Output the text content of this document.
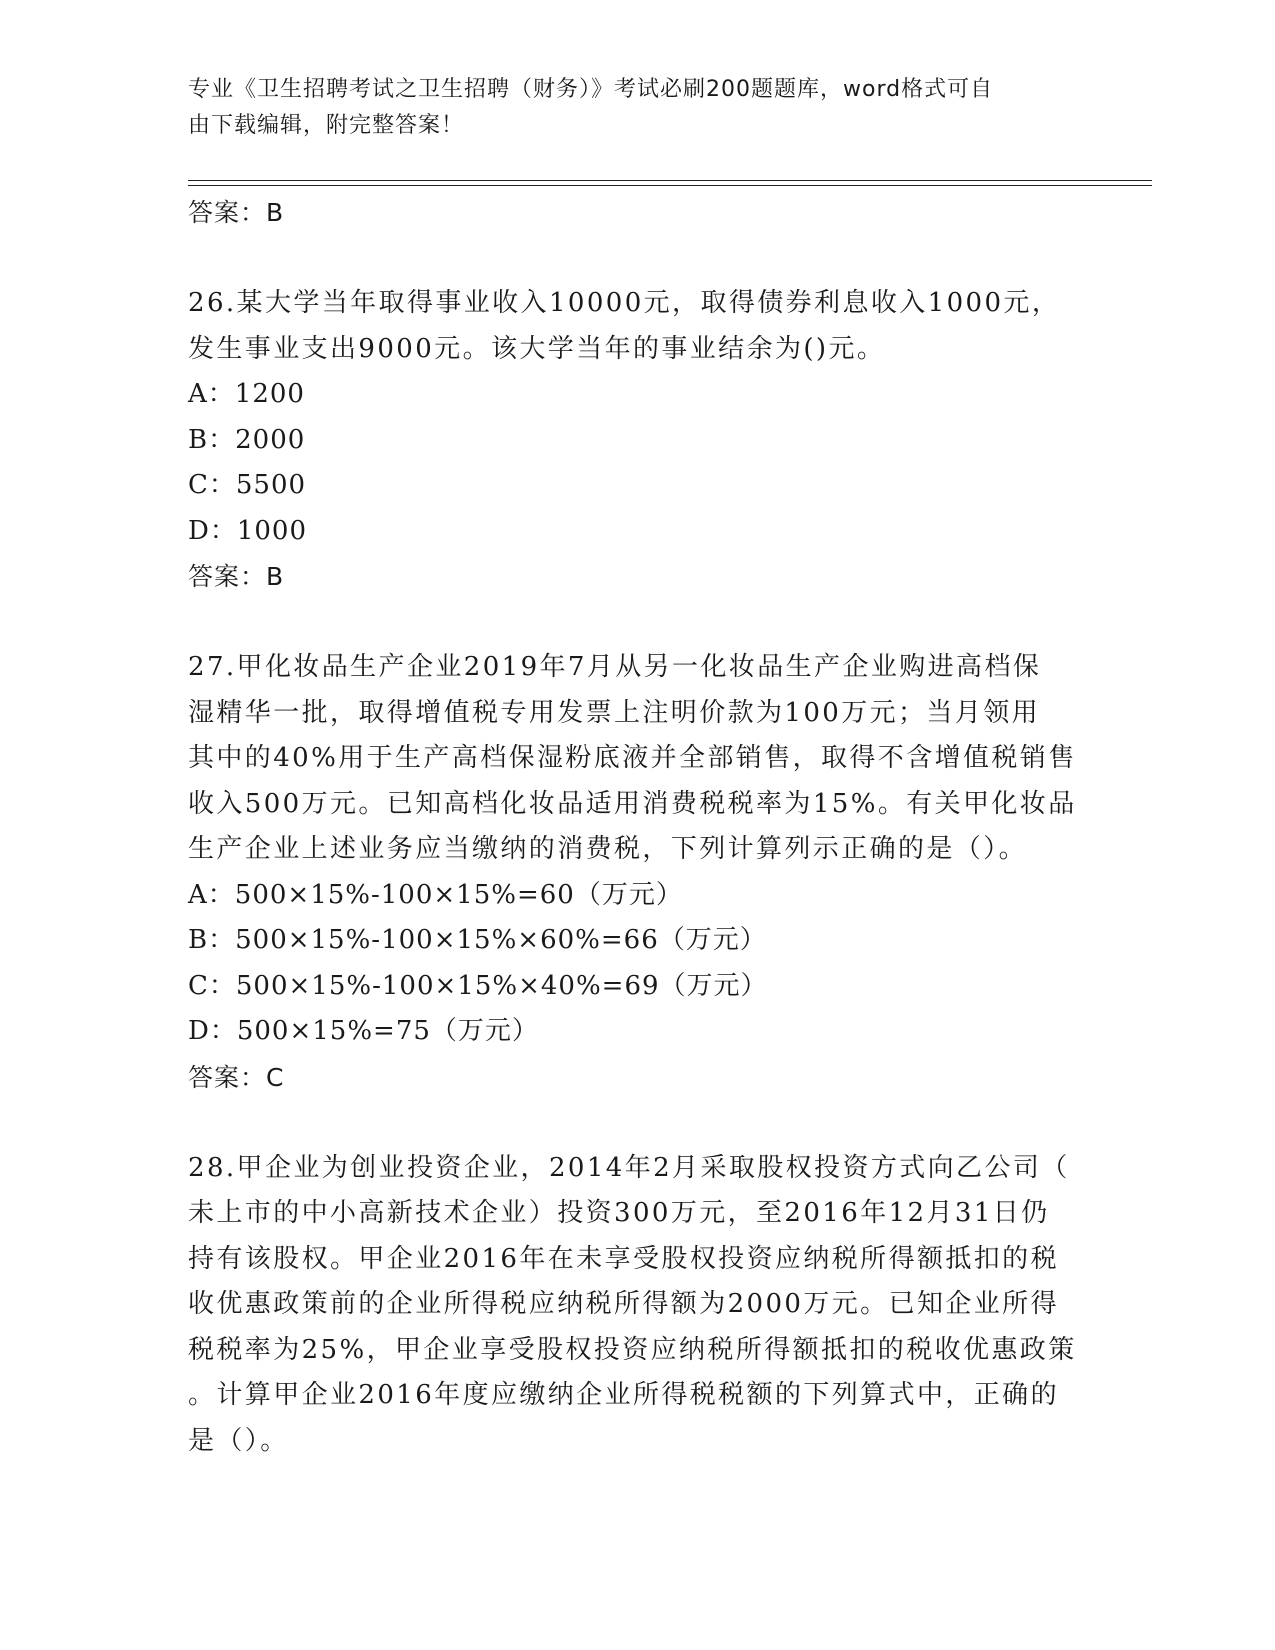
专业《卫生招聘考试之卫生招聘（财务）》考试必刷200题题库，word格式可自
由下载编辑，附完整答案！
答案：B
26.某大学当年取得事业收入10000元，取得债券利息收入1000元，
发生事业支出9000元。该大学当年的事业结余为()元。
A：1200
B：2000
C：5500
D：1000
答案：B
27.甲化妆品生产企业2019年7月从另一化妆品生产企业购进高档保
湿精华一批，取得增值税专用发票上注明价款为100万元；当月领用
其中的40%用于生产高档保湿粉底液并全部销售，取得不含增值税销售
收入500万元。已知高档化妆品适用消费税税率为15%。有关甲化妆品
生产企业上述业务应当缴纳的消费税，下列计算列示正确的是（）。
A：500×15%-100×15%=60（万元）
B：500×15%-100×15%×60%=66（万元）
C：500×15%-100×15%×40%=69（万元）
D：500×15%=75（万元）
答案：C
28.甲企业为创业投资企业，2014年2月采取股权投资方式向乙公司（
未上市的中小高新技术企业）投资300万元，至2016年12月31日仍
持有该股权。甲企业2016年在未享受股权投资应纳税所得额抵扣的税
收优惠政策前的企业所得税应纳税所得额为2000万元。已知企业所得
税税率为25%，甲企业享受股权投资应纳税所得额抵扣的税收优惠政策
。计算甲企业2016年度应缴纳企业所得税税额的下列算式中，正确的
是（）。
